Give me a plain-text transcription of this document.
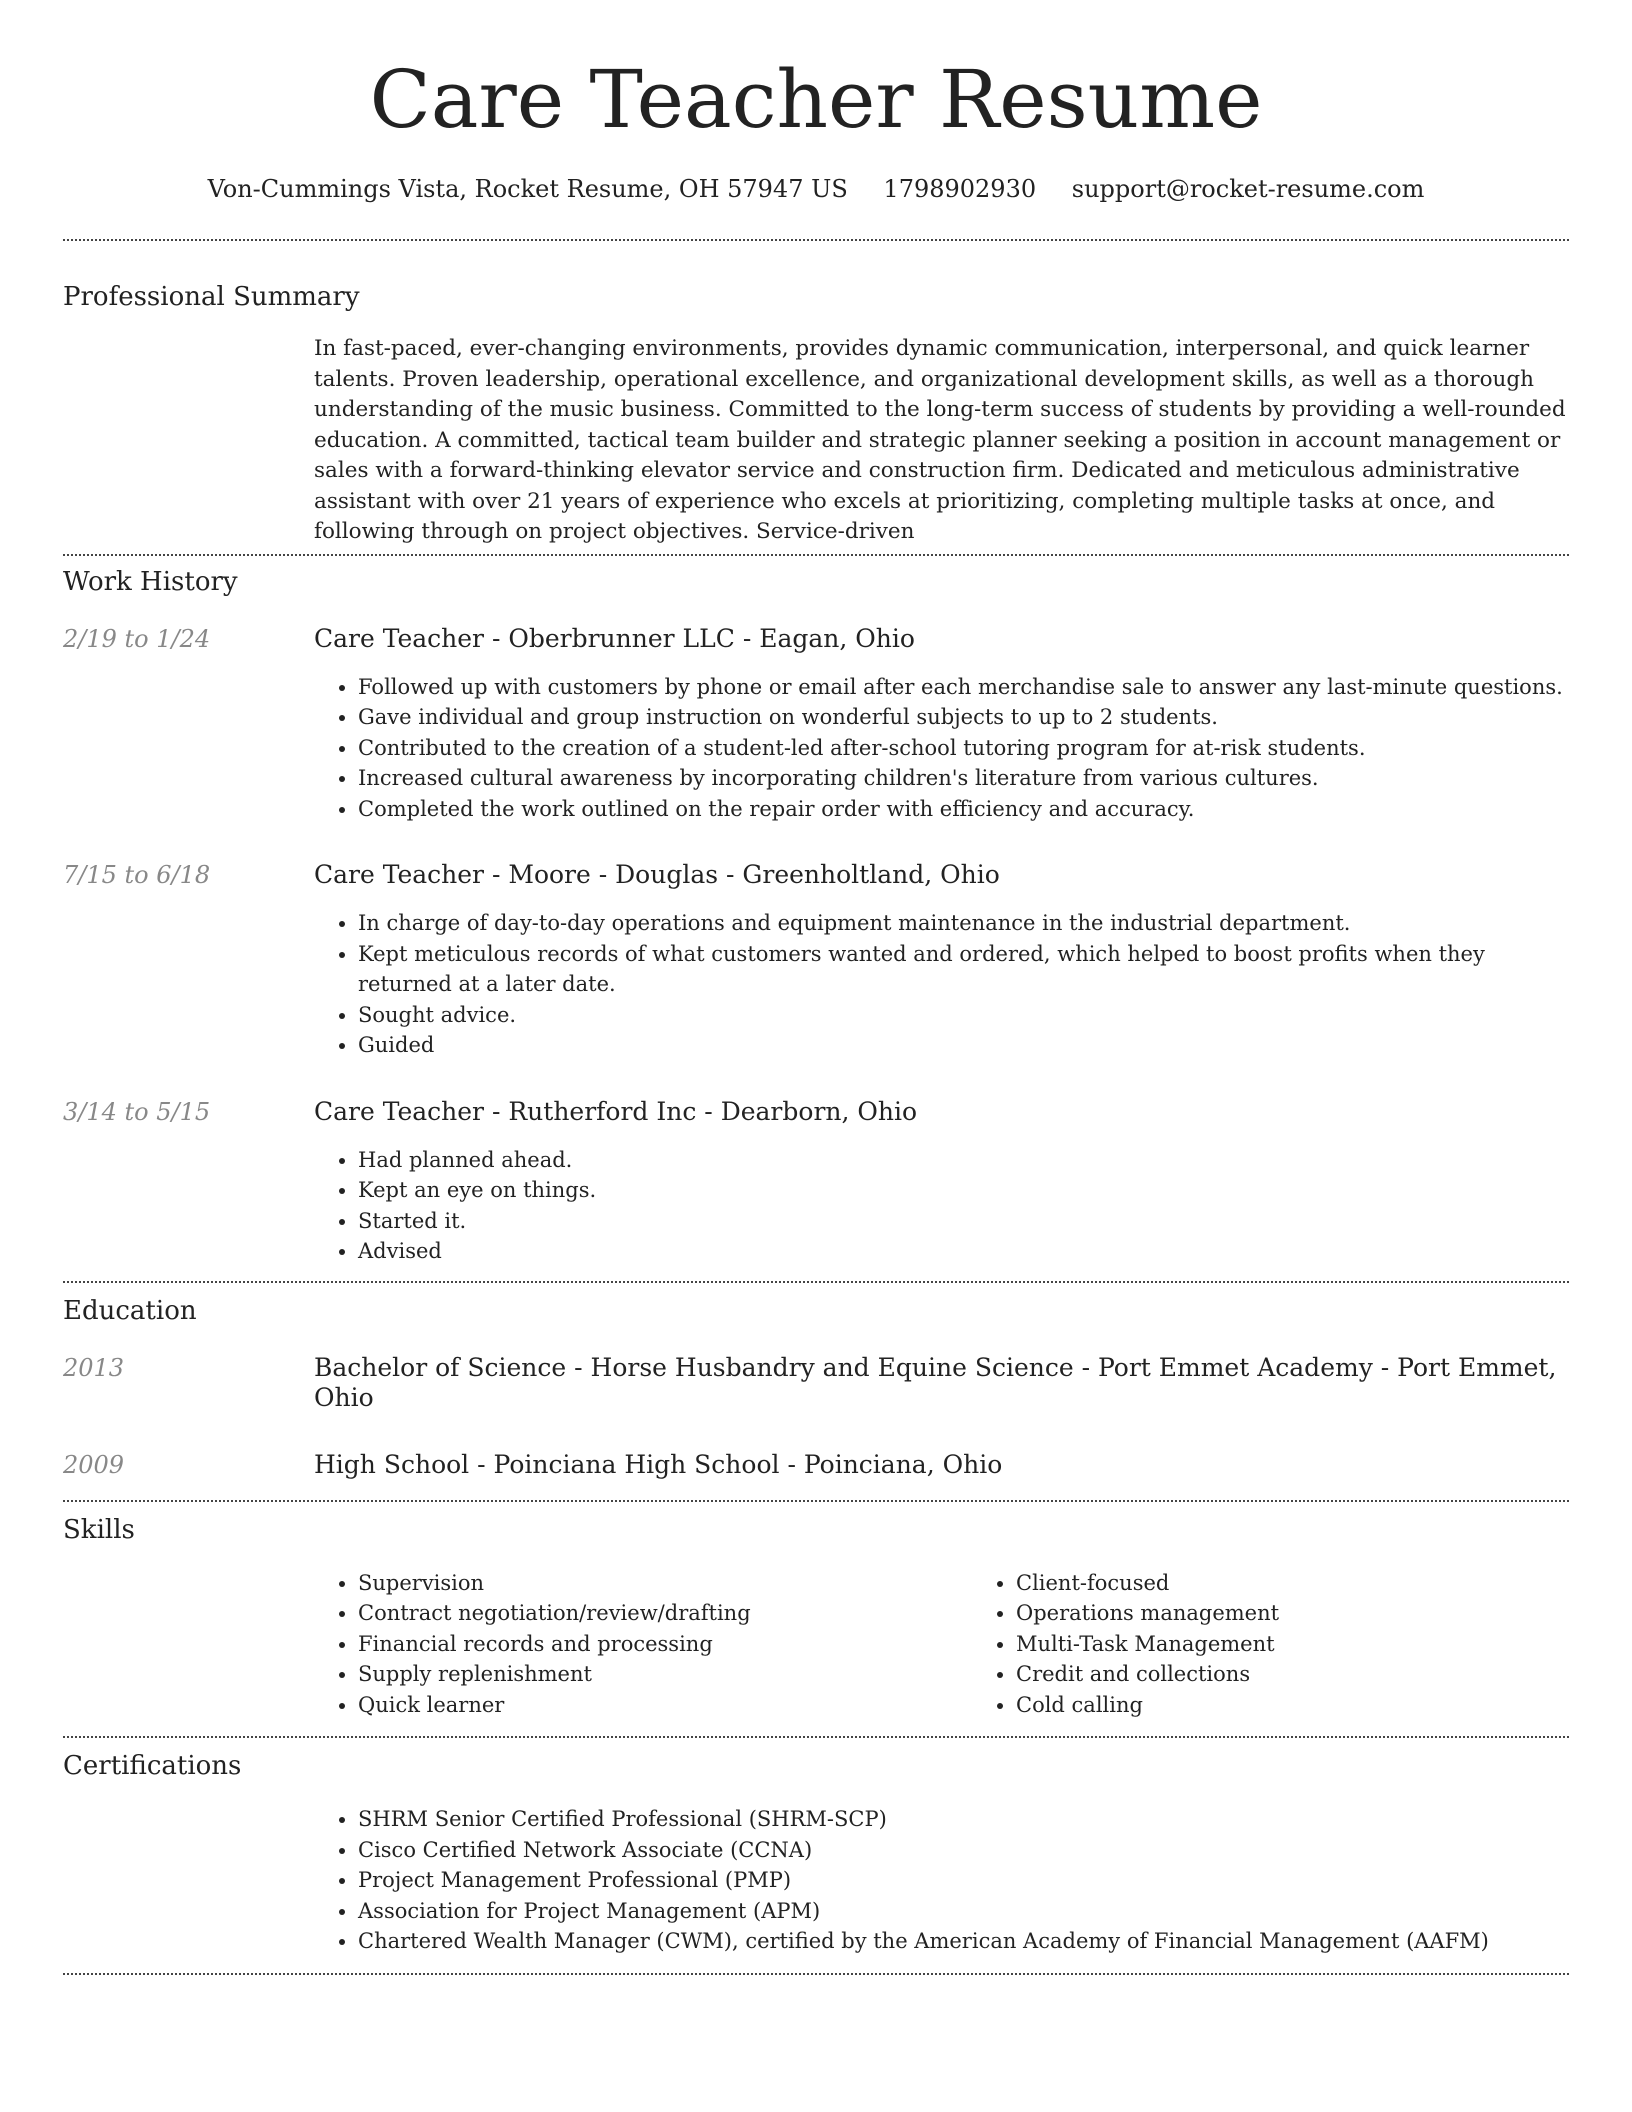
Care Teacher Resume
Von-Cummings Vista, Rocket Resume, OH 57947 US 1798902930 support@rocket-resume.com
Professional Summary

In fast-paced, ever-changing environments, provides dynamic communication, interpersonal, and quick learner talents. Proven leadership, operational excellence, and organizational development skills, as well as a thorough understanding of the music business. Committed to the long-term success of students by providing a well-rounded education. A committed, tactical team builder and strategic planner seeking a position in account management or sales with a forward-thinking elevator service and construction firm. Dedicated and meticulous administrative assistant with over 21 years of experience who excels at prioritizing, completing multiple tasks at once, and following through on project objectives. Service-driven

Work History
2/19 to 1/24	Care Teacher - Oberbrunner LLC - Eagan, Ohio
• Followed up with customers by phone or email after each merchandise sale to answer any last-minute questions.
• Gave individual and group instruction on wonderful subjects to up to 2 students.
• Contributed to the creation of a student-led after-school tutoring program for at-risk students.
• Increased cultural awareness by incorporating children's literature from various cultures.
• Completed the work outlined on the repair order with efficiency and accuracy.
7/15 to 6/18	Care Teacher - Moore - Douglas - Greenholtland, Ohio
• In charge of day-to-day operations and equipment maintenance in the industrial department.
• Kept meticulous records of what customers wanted and ordered, which helped to boost profits when they returned at a later date.
• Sought advice.
• Guided
3/14 to 5/15	Care Teacher - Rutherford Inc - Dearborn, Ohio
• Had planned ahead.
• Kept an eye on things.
• Started it.
• Advised
Education
2013	Bachelor of Science - Horse Husbandry and Equine Science - Port Emmet Academy - Port Emmet, Ohio
2009	High School - Poinciana High School - Poinciana, Ohio
Skills
• Supervision
• Contract negotiation/review/drafting
• Financial records and processing
• Supply replenishment
• Quick learner
• Client-focused
• Operations management
• Multi-Task Management
• Credit and collections
• Cold calling
Certifications
• SHRM Senior Certified Professional (SHRM-SCP)
• Cisco Certified Network Associate (CCNA)
• Project Management Professional (PMP)
• Association for Project Management (APM)
• Chartered Wealth Manager (CWM), certified by the American Academy of Financial Management (AAFM)
